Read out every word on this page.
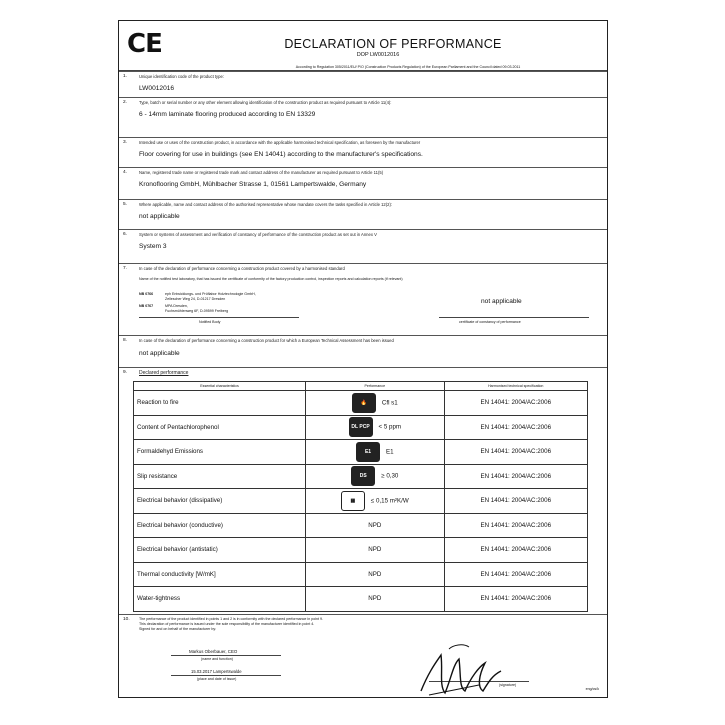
CE	DECLARATION OF PERFORMANCE
DOP LW0012016
According to Regulation 305/2011/EU/ P/O (Construction Products Regulation) of the European Parliament and the Council dated 09.03.2011
1.	Unique identification code of the product type:
LW0012016
2.	Type, batch or serial number or any other element allowing identification of the construction product as required pursuant to Article 11(4):
6 - 14mm laminate flooring produced according to EN 13329
3.	Intended use or uses of the construction product, in accordance with the applicable harmonised technical specification, as foreseen by the manufacturer
Floor covering for use in buildings (see EN 14041) according to the manufacturer's specifications.
4.	Name, registered trade name or registered trade mark and contact address of the manufacturer as required pursuant to Article 11(5)
Kronoflooring GmbH, Mühlbacher Strasse 1, 01561 Lampertswalde, Germany
5.	Where applicable, name and contact address of the authorised representative whose mandate covers the tasks specified in Article 12(2):
not applicable
6.	System or systems of assessment and verification of constancy of performance of the construction product as set out in Annex V
System 3
7.	In case of the declaration of performance concerning a construction product covered by a harmonised standard
Name of the notified test laboratory, that has issued the certificate of conformity of the factory production control, inspection reports and calculation reports (if relevant)
NB 0766	eph Entwicklungs- und Prüflabor Holztechnologie GmbH,
Zellescher Weg 24, D-01217 Dresden
NB 0767	MPA Dresden,
Fuchsmühlenweg 6F, D-09599 Freiberg
not applicable
Notified Body	certificate of constancy of performance
8.	In case of the declaration of performance concerning a construction product for which a European Technical Assessment has been issued
not applicable
9. Declared performance
Essential characteristics	Performance	Harmonised technical specification
Reaction to fire	🔥 Cfl s1	EN 14041: 2004/AC:2006
Content of Pentachlorophenol	DL PCP < 5 ppm	EN 14041: 2004/AC:2006
Formaldehyd Emissions	E1 E1	EN 14041: 2004/AC:2006
Slip resistance	DS ≥ 0,30	EN 14041: 2004/AC:2006
Electrical behavior (dissipative)	▦ ≤ 0,15 m²K/W	EN 14041: 2004/AC:2006
Electrical behavior (conductive)	NPD	EN 14041: 2004/AC:2006
Electrical behavior (antistatic)	NPD	EN 14041: 2004/AC:2006
Thermal conductivity [W/mK]	NPD	EN 14041: 2004/AC:2006
Water-tightness	NPD	EN 14041: 2004/AC:2006
10.	The performance of the product identified in points 1 and 2 is in conformity with the declared performance in point 9.
This declaration of performance is issued under the sole responsibility of the manufacturer identified in point 4.
Signed for and on behalf of the manufacturer by:
Markus Oberbauer, CEO
(name and function)
15.03.2017 Lampertswalde
(place and date of issue)
(signature)
eng/cs/k
